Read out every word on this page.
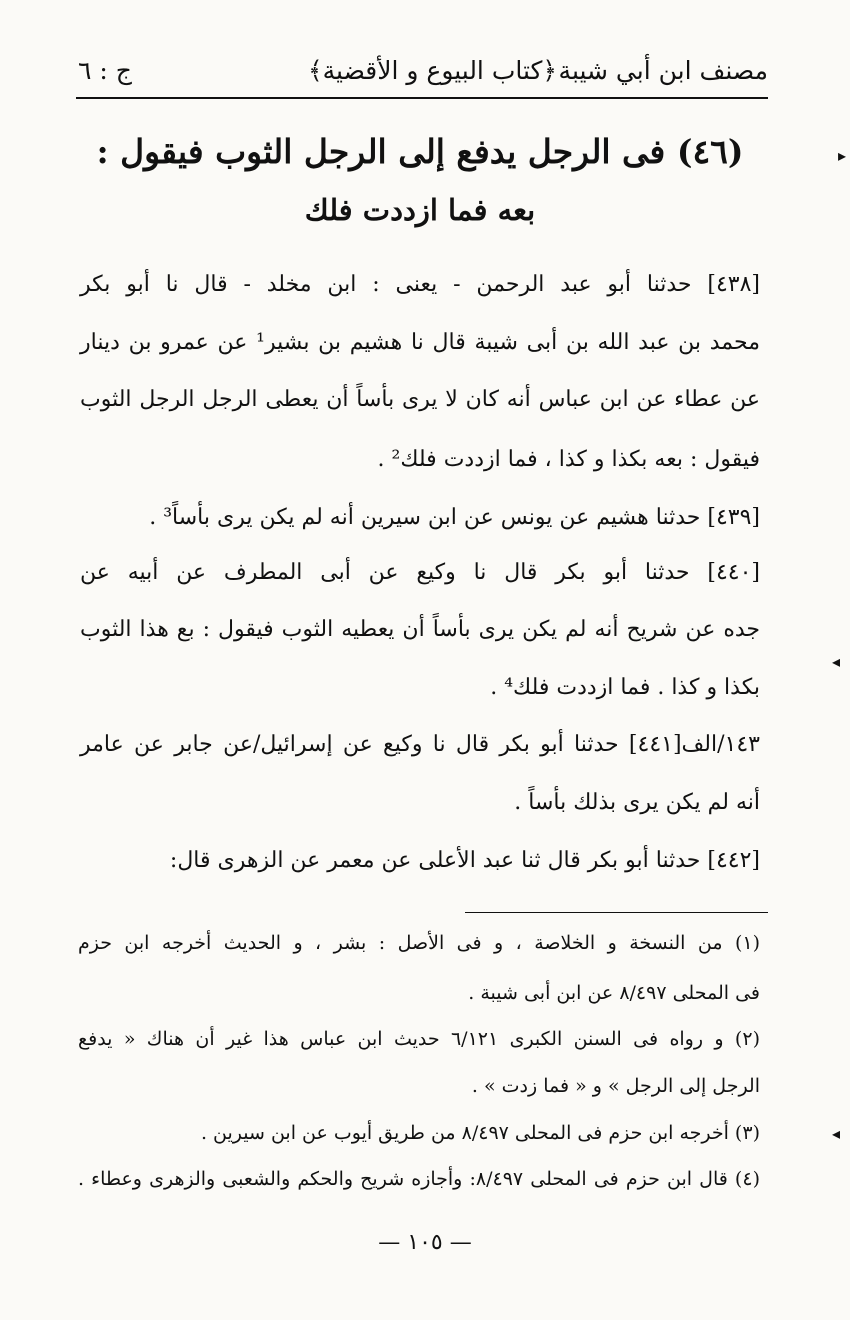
مصنف ابن أبي شيبة
﴿كتاب البيوع و الأقضية﴾
ج : ٦
(٤٦) فى الرجل يدفع إلى الرجل الثوب فيقول :
بعه فما ازددت فلك
[٤٣٨] حدثنا أبو عبد الرحمن - يعنى : ابن مخلد - قال نا أبو بكر
محمد بن عبد الله بن أبى شيبة قال نا هشيم بن بشير¹ عن عمرو بن دينار
عن عطاء عن ابن عباس أنه كان لا يرى بأساً أن يعطى الرجل الرجل الثوب
فيقول : بعه بكذا و كذا ، فما ازددت فلك² .
[٤٣٩] حدثنا هشيم عن يونس عن ابن سيرين أنه لم يكن يرى بأساً³ .
[٤٤٠] حدثنا أبو بكر قال نا وكيع عن أبى المطرف عن أبيه عن
جده عن شريح أنه لم يكن يرى بأساً أن يعطيه الثوب فيقول : بع هذا الثوب
بكذا و كذا . فما ازددت فلك⁴ .
١٤٣/الف[٤٤١] حدثنا أبو بكر قال نا وكيع عن إسرائيل/عن جابر عن عامر
أنه لم يكن يرى بذلك بأساً .
[٤٤٢] حدثنا أبو بكر قال ثنا عبد الأعلى عن معمر عن الزهرى قال:
(١) من النسخة و الخلاصة ، و فى الأصل : بشر ، و الحديث أخرجه ابن حزم
فى المحلى ٨/٤٩٧ عن ابن أبى شيبة .
(٢) و رواه فى السنن الكبرى ٦/١٢١ حديث ابن عباس هذا غير أن هناك « يدفع
الرجل إلى الرجل » و « فما زدت » .
(٣) أخرجه ابن حزم فى المحلى ٨/٤٩٧ من طريق أيوب عن ابن سيرين .
(٤) قال ابن حزم فى المحلى ٨/٤٩٧: وأجازه شريح والحكم والشعبى والزهرى وعطاء .
— ١٠٥ —
▸
◂
◂
